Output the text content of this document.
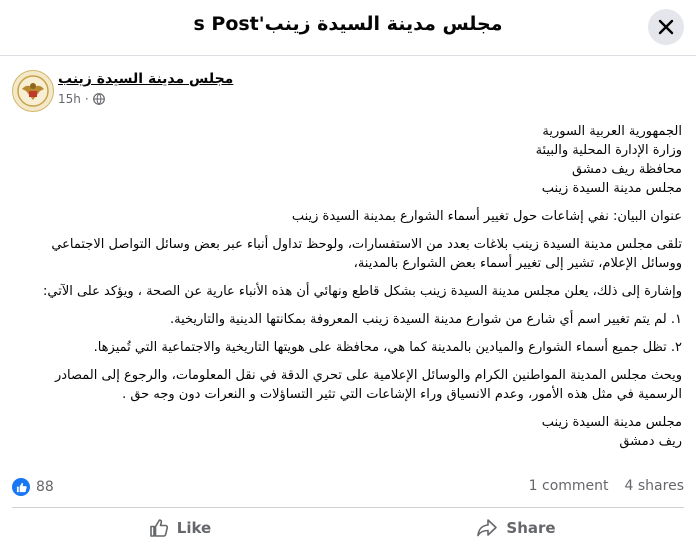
مجلس مدينة السيدة زينب's Post
مجلس مدينة السيدة زينب
15h ·

الجمهورية العربية السورية
وزارة الإدارة المحلية والبيئة
محافظة ريف دمشق
مجلس مدينة السيدة زينب

عنوان البيان: نفي إشاعات حول تغيير أسماء الشوارع بمدينة السيدة زينب

تلقى مجلس مدينة السيدة زينب بلاغات بعدد من الاستفسارات، ولوحظ تداول أنباء عبر بعض وسائل التواصل الاجتماعي ووسائل الإعلام، تشير إلى تغيير أسماء بعض الشوارع بالمدينة،

وإشارة إلى ذلك، يعلن مجلس مدينة السيدة زينب بشكل قاطع ونهائي أن هذه الأنباء عارية عن الصحة ، ويؤكد على الآتي:

١. لم يتم تغيير اسم أي شارع من شوارع مدينة السيدة زينب المعروفة بمكانتها الدينية والتاريخية.

٢. تظل جميع أسماء الشوارع والميادين بالمدينة كما هي، محافظة على هويتها التاريخية والاجتماعية التي تُميزها.

ويحث مجلس المدينة المواطنين الكرام والوسائل الإعلامية على تحري الدقة في نقل المعلومات، والرجوع إلى المصادر الرسمية في مثل هذه الأمور، وعدم الانسياق وراء الإشاعات التي تثير التساؤلات و النعرات دون وجه حق .

مجلس مدينة السيدة زينب
ريف دمشق

88	1 comment 4 shares
Like	Share
